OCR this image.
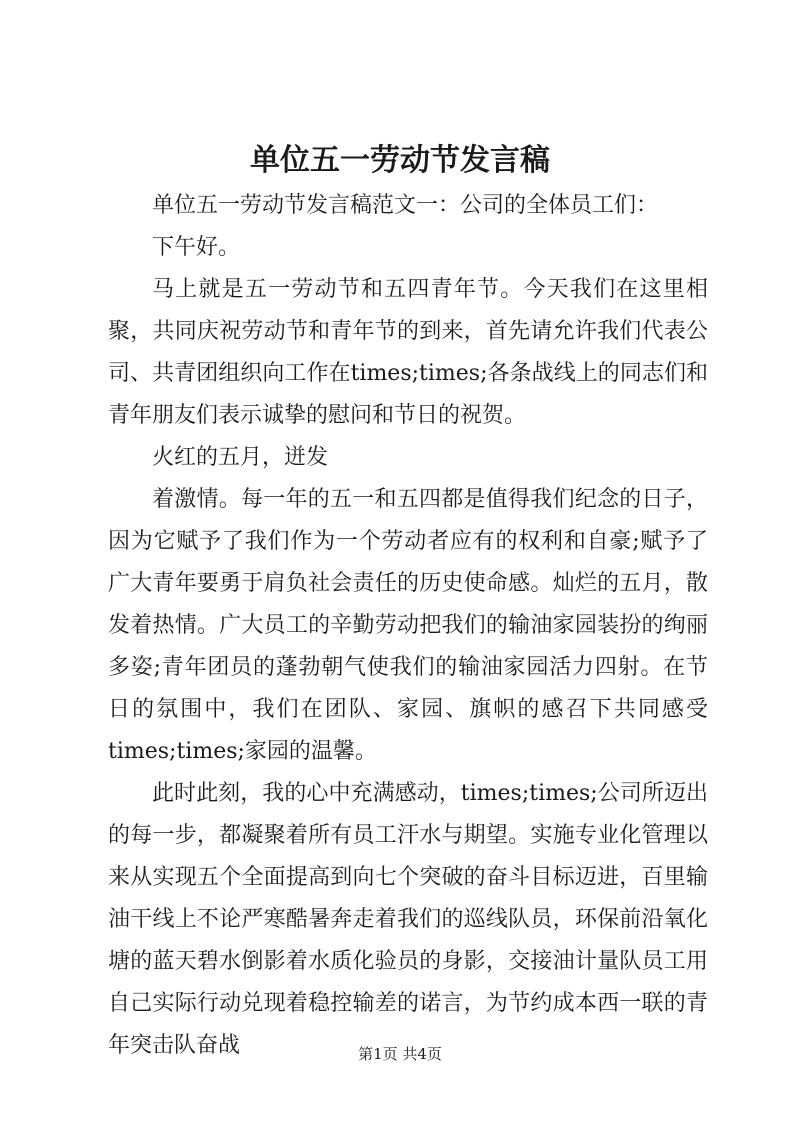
单位五一劳动节发言稿

单位五一劳动节发言稿范文一：公司的全体员工们：

下午好。

马上就是五一劳动节和五四青年节。今天我们在这里相聚，共同庆祝劳动节和青年节的到来，首先请允许我们代表公司、共青团组织向工作在times;times;各条战线上的同志们和青年朋友们表示诚挚的慰问和节日的祝贺。

火红的五月，迸发

着激情。每一年的五一和五四都是值得我们纪念的日子，因为它赋予了我们作为一个劳动者应有的权利和自豪;赋予了广大青年要勇于肩负社会责任的历史使命感。灿烂的五月，散发着热情。广大员工的辛勤劳动把我们的输油家园装扮的绚丽多姿;青年团员的蓬勃朝气使我们的输油家园活力四射。在节日的氛围中，我们在团队、家园、旗帜的感召下共同感受times;times;家园的温馨。

此时此刻，我的心中充满感动，times;times;公司所迈出的每一步，都凝聚着所有员工汗水与期望。实施专业化管理以来从实现五个全面提高到向七个突破的奋斗目标迈进，百里输油干线上不论严寒酷暑奔走着我们的巡线队员，环保前沿氧化塘的蓝天碧水倒影着水质化验员的身影，交接油计量队员工用自己实际行动兑现着稳控输差的诺言，为节约成本西一联的青年突击队奋战	第1页 共4页
